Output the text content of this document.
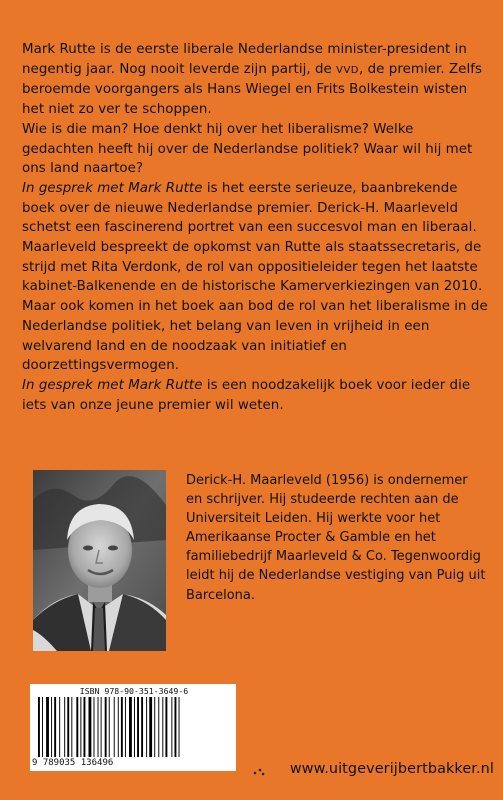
Mark Rutte is de eerste liberale Nederlandse minister-president in negentig jaar. Nog nooit leverde zijn partij, de VVD, de premier. Zelfs beroemde voorgangers als Hans Wiegel en Frits Bolkestein wisten het niet zo ver te schoppen.

Wie is die man? Hoe denkt hij over het liberalisme? Welke gedachten heeft hij over de Nederlandse politiek? Waar wil hij met ons land naartoe?

In gesprek met Mark Rutte is het eerste serieuze, baanbrekende boek over de nieuwe Nederlandse premier. Derick-H. Maarleveld schetst een fascinerend portret van een succesvol man en liberaal. Maarleveld bespreekt de opkomst van Rutte als staatssecretaris, de strijd met Rita Verdonk, de rol van oppositieleider tegen het laatste kabinet-Balkenende en de historische Kamerverkiezingen van 2010. Maar ook komen in het boek aan bod de rol van het liberalisme in de Nederlandse politiek, het belang van leven in vrijheid in een welvarend land en de noodzaak van initiatief en doorzettingsvermogen.

In gesprek met Mark Rutte is een noodzakelijk boek voor ieder die iets van onze jeune premier wil weten.

Derick-H. Maarleveld (1956) is ondernemer en schrijver. Hij studeerde rechten aan de Universiteit Leiden. Hij werkte voor het Amerikaanse Procter & Gamble en het familiebedrijf Maarleveld & Co. Tegenwoordig leidt hij de Nederlandse vestiging van Puig uit Barcelona.
ISBN 978-90-351-3649-6
9 789035 136496	www.uitgeverijbertbakker.nl
